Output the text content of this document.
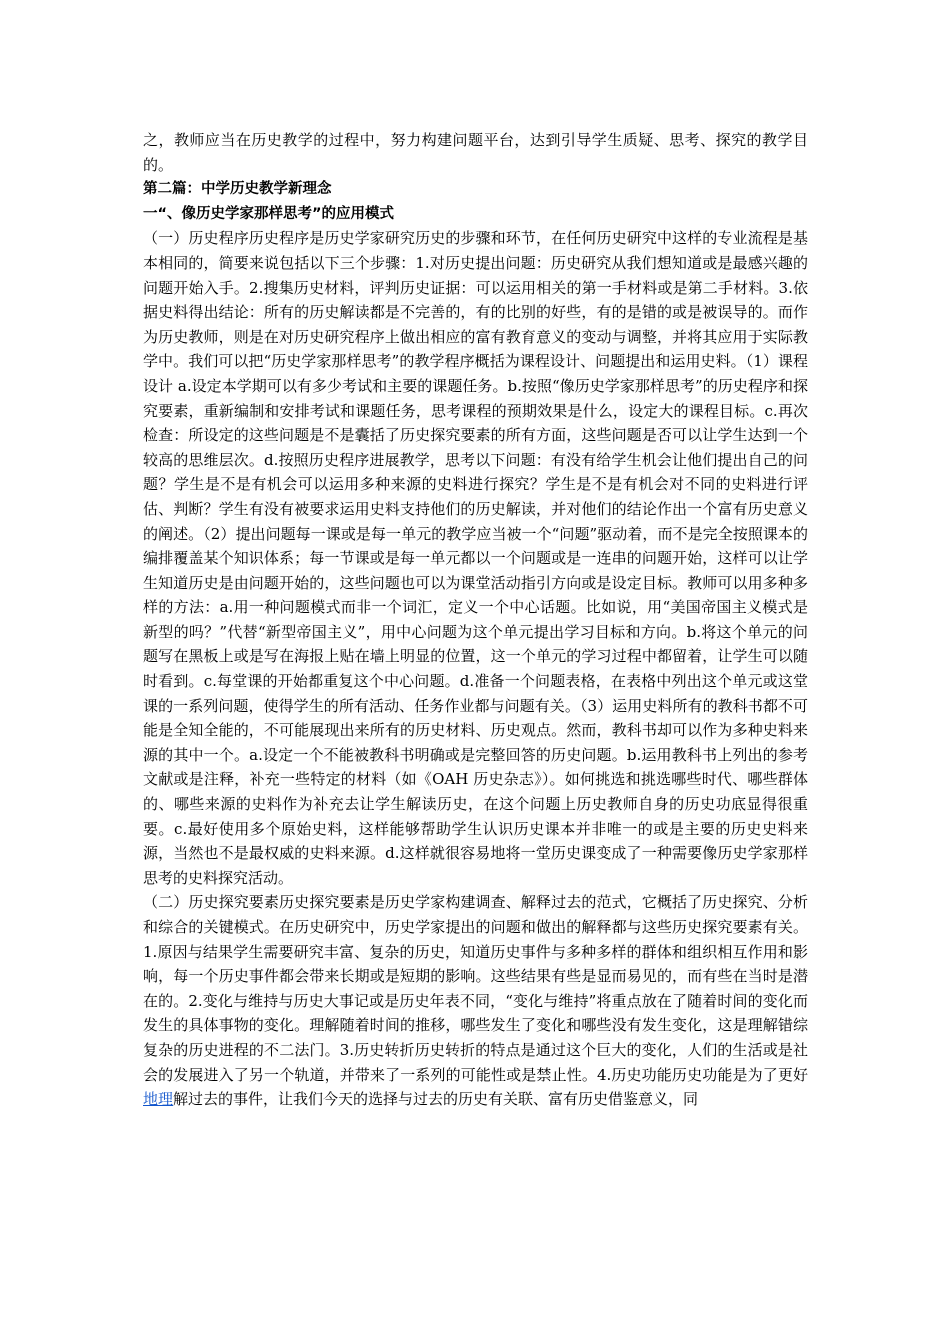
之，教师应当在历史教学的过程中，努力构建问题平台，达到引导学生质疑、思考、探究的教学目的。

第二篇：中学历史教学新理念

一“、像历史学家那样思考”的应用模式

（一）历史程序历史程序是历史学家研究历史的步骤和环节，在任何历史研究中这样的专业流程是基本相同的，简要来说包括以下三个步骤：1.对历史提出问题：历史研究从我们想知道或是最感兴趣的问题开始入手。2.搜集历史材料，评判历史证据：可以运用相关的第一手材料或是第二手材料。3.依据史料得出结论：所有的历史解读都是不完善的，有的比别的好些，有的是错的或是被误导的。而作为历史教师，则是在对历史研究程序上做出相应的富有教育意义的变动与调整，并将其应用于实际教学中。我们可以把“历史学家那样思考”的教学程序概括为课程设计、问题提出和运用史料。（1）课程设计 a.设定本学期可以有多少考试和主要的课题任务。b.按照“像历史学家那样思考”的历史程序和探究要素，重新编制和安排考试和课题任务，思考课程的预期效果是什么，设定大的课程目标。c.再次检查：所设定的这些问题是不是囊括了历史探究要素的所有方面，这些问题是否可以让学生达到一个较高的思维层次。d.按照历史程序进展教学，思考以下问题：有没有给学生机会让他们提出自己的问题？学生是不是有机会可以运用多种来源的史料进行探究？学生是不是有机会对不同的史料进行评估、判断？学生有没有被要求运用史料支持他们的历史解读，并对他们的结论作出一个富有历史意义的阐述。（2）提出问题每一课或是每一单元的教学应当被一个“问题”驱动着，而不是完全按照课本的编排覆盖某个知识体系；每一节课或是每一单元都以一个问题或是一连串的问题开始，这样可以让学生知道历史是由问题开始的，这些问题也可以为课堂活动指引方向或是设定目标。教师可以用多种多样的方法：a.用一种问题模式而非一个词汇，定义一个中心话题。比如说，用“美国帝国主义模式是新型的吗？”代替“新型帝国主义”，用中心问题为这个单元提出学习目标和方向。b.将这个单元的问题写在黑板上或是写在海报上贴在墙上明显的位置，这一个单元的学习过程中都留着，让学生可以随时看到。c.每堂课的开始都重复这个中心问题。d.准备一个问题表格，在表格中列出这个单元或这堂课的一系列问题，使得学生的所有活动、任务作业都与问题有关。（3）运用史料所有的教科书都不可能是全知全能的，不可能展现出来所有的历史材料、历史观点。然而，教科书却可以作为多种史料来源的其中一个。a.设定一个不能被教科书明确或是完整回答的历史问题。b.运用教科书上列出的参考文献或是注释，补充一些特定的材料（如《OAH 历史杂志》）。如何挑选和挑选哪些时代、哪些群体的、哪些来源的史料作为补充去让学生解读历史，在这个问题上历史教师自身的历史功底显得很重要。c.最好使用多个原始史料，这样能够帮助学生认识历史课本并非唯一的或是主要的历史史料来源，当然也不是最权威的史料来源。d.这样就很容易地将一堂历史课变成了一种需要像历史学家那样思考的史料探究活动。

（二）历史探究要素历史探究要素是历史学家构建调查、解释过去的范式，它概括了历史探究、分析和综合的关键模式。在历史研究中，历史学家提出的问题和做出的解释都与这些历史探究要素有关。1.原因与结果学生需要研究丰富、复杂的历史，知道历史事件与多种多样的群体和组织相互作用和影响，每一个历史事件都会带来长期或是短期的影响。这些结果有些是显而易见的，而有些在当时是潜在的。2.变化与维持与历史大事记或是历史年表不同，“变化与维持”将重点放在了随着时间的变化而发生的具体事物的变化。理解随着时间的推移，哪些发生了变化和哪些没有发生变化，这是理解错综复杂的历史进程的不二法门。3.历史转折历史转折的特点是通过这个巨大的变化，人们的生活或是社会的发展进入了另一个轨道，并带来了一系列的可能性或是禁止性。4.历史功能历史功能是为了更好地理解过去的事件，让我们今天的选择与过去的历史有关联、富有历史借鉴意义，同
